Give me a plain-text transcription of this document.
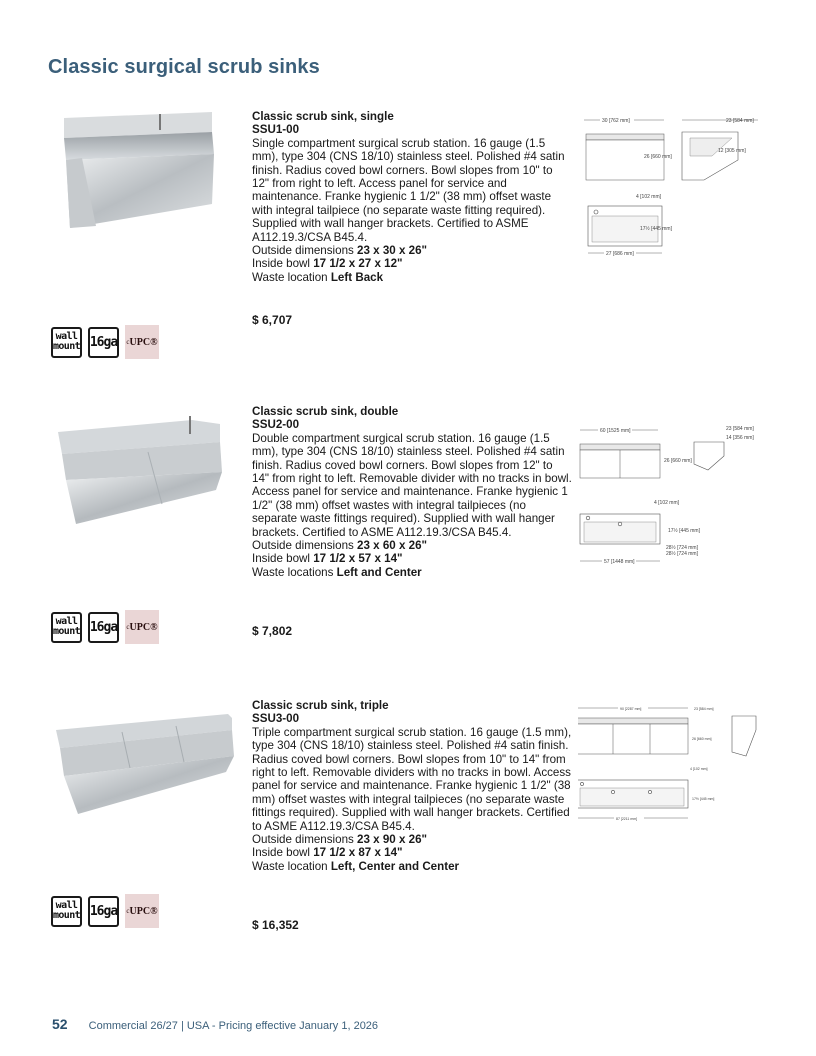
Classic surgical scrub sinks

Classic scrub sink, single

SSU1-00

Single compartment surgical scrub station. 16 gauge (1.5 mm), type 304 (CNS 18/10) stainless steel. Polished #4 satin finish. Radius coved bowl corners. Bowl slopes from 10" to 12" from right to left. Access panel for service and maintenance. Franke hygienic 1 1/2" (38 mm) offset waste with integral tailpiece (no separate waste fitting required). Supplied with wall hanger brackets. Certified to ASME A112.19.3/CSA B45.4.

Outside dimensions 23 x 30 x 26"

Inside bowl 17 1/2 x 27 x 12"

Waste location Left Back

$ 6,707
wall
mount 16ga c UPC®
30 [762 mm]
26 [660 mm]
23 [584 mm]
12 [305 mm]
4 [102 mm]
17½ [445 mm]
27 [686 mm]

Classic scrub sink, double

SSU2-00

Double compartment surgical scrub station. 16 gauge (1.5 mm), type 304 (CNS 18/10) stainless steel. Polished #4 satin finish. Radius coved bowl corners. Bowl slopes from 12" to 14" from right to left. Removable divider with no tracks in bowl. Access panel for service and maintenance. Franke hygienic 1 1/2" (38 mm) offset wastes with integral tailpieces (no separate waste fittings required). Supplied with wall hanger brackets. Certified to ASME A112.19.3/CSA B45.4.

Outside dimensions 23 x 60 x 26"

Inside bowl 17 1/2 x 57 x 14"

Waste locations Left and Center

$ 7,802
wall
mount 16ga c UPC®
60 [1525 mm]
26 [660 mm]
23 [584 mm]
14 [356 mm]
4 [102 mm]
17½ [445 mm]
28½ [724 mm]
28½ [724 mm]
57 [1448 mm]

Classic scrub sink, triple

SSU3-00

Triple compartment surgical scrub station. 16 gauge (1.5 mm), type 304 (CNS 18/10) stainless steel. Polished #4 satin finish. Radius coved bowl corners. Bowl slopes from 10" to 14" from right to left. Removable dividers with no tracks in bowl. Access panel for service and maintenance. Franke hygienic 1 1/2" (38 mm) offset wastes with integral tailpieces (no separate waste fittings required). Supplied with wall hanger brackets. Certified to ASME A112.19.3/CSA B45.4.

Outside dimensions 23 x 90 x 26"

Inside bowl 17 1/2 x 87 x 14"

Waste location Left, Center and Center

$ 16,352
wall
mount 16ga c UPC®
90 [2287 mm]	23 [584 mm]
26 [660 mm]
4 [102 mm]
17½ [445 mm]
87 [2211 mm]
52 Commercial 26/27 | USA - Pricing effective January 1, 2026
